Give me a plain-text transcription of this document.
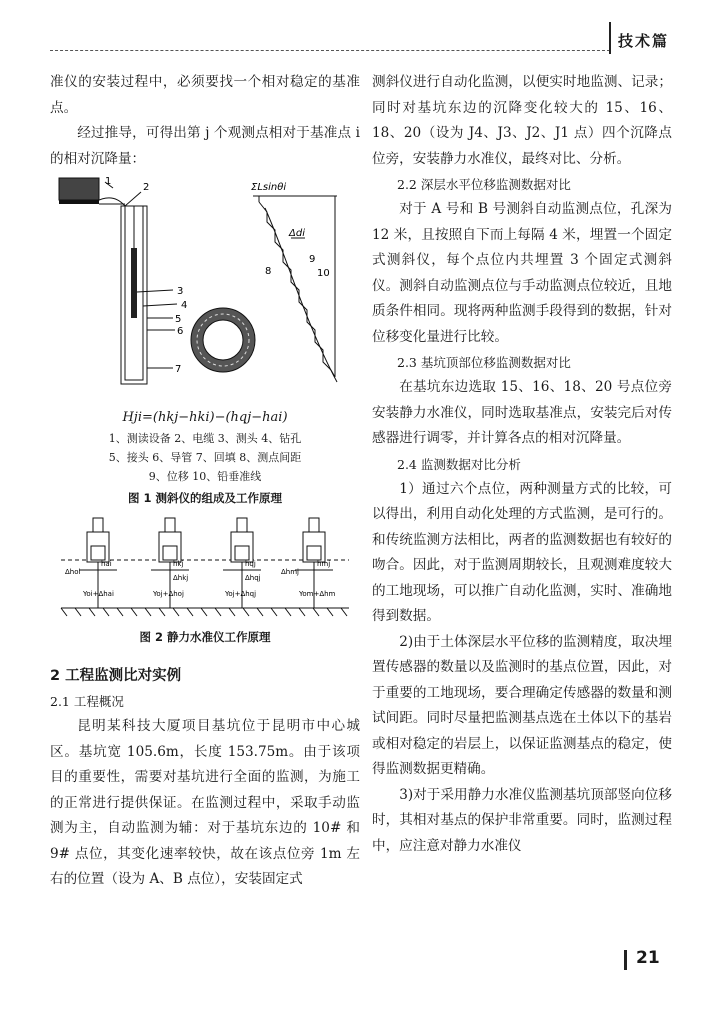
技术篇

准仪的安装过程中，必须要找一个相对稳定的基准点。

经过推导，可得出第 j 个观测点相对于基准点 i 的相对沉降量：

1
2
3
4
5
6
7
ΣLsinθi
Δdi
9
8	10

Hji=(hkj−hki)−(hqj−hai)

1、测读设备 2、电缆 3、测头 4、钻孔

5、接头 6、导管 7、回填 8、测点间距

9、位移 10、铅垂准线

图 1 测斜仪的组成及工作原理

hai
Δhoi
Yoi+Δhai
hkj
Δhkj
Yoj+Δhoj
hqj
Δhqj
Yoj+Δhqj
hmj
Δhmj
Yom+Δhm

图 2 静力水准仪工作原理

2 工程监测比对实例

2.1 工程概况

昆明某科技大厦项目基坑位于昆明市中心城区。基坑宽 105.6m，长度 153.75m。由于该项目的重要性，需要对基坑进行全面的监测，为施工的正常进行提供保证。在监测过程中，采取手动监测为主，自动监测为辅：对于基坑东边的 10# 和 9# 点位，其变化速率较快，故在该点位旁 1m 左右的位置（设为 A、B 点位），安装固定式

测斜仪进行自动化监测，以便实时地监测、记录；同时对基坑东边的沉降变化较大的 15、16、18、20（设为 J4、J3、J2、J1 点）四个沉降点位旁，安装静力水准仪，最终对比、分析。

2.2 深层水平位移监测数据对比

对于 A 号和 B 号测斜自动监测点位，孔深为 12 米，且按照自下而上每隔 4 米，埋置一个固定式测斜仪，每个点位内共埋置 3 个固定式测斜仪。测斜自动监测点位与手动监测点位较近，且地质条件相同。现将两种监测手段得到的数据，针对位移变化量进行比较。

2.3 基坑顶部位移监测数据对比

在基坑东边选取 15、16、18、20 号点位旁安装静力水准仪，同时选取基准点，安装完后对传感器进行调零，并计算各点的相对沉降量。

2.4 监测数据对比分析

1）通过六个点位，两种测量方式的比较，可以得出，利用自动化处理的方式监测，是可行的。和传统监测方法相比，两者的监测数据也有较好的吻合。因此，对于监测周期较长，且观测难度较大的工地现场，可以推广自动化监测，实时、准确地得到数据。

2)由于土体深层水平位移的监测精度，取决埋置传感器的数量以及监测时的基点位置，因此，对于重要的工地现场，要合理确定传感器的数量和测试间距。同时尽量把监测基点选在土体以下的基岩或相对稳定的岩层上，以保证监测基点的稳定，使得监测数据更精确。

3)对于采用静力水准仪监测基坑顶部竖向位移时，其相对基点的保护非常重要。同时，监测过程中，应注意对静力水准仪

21
